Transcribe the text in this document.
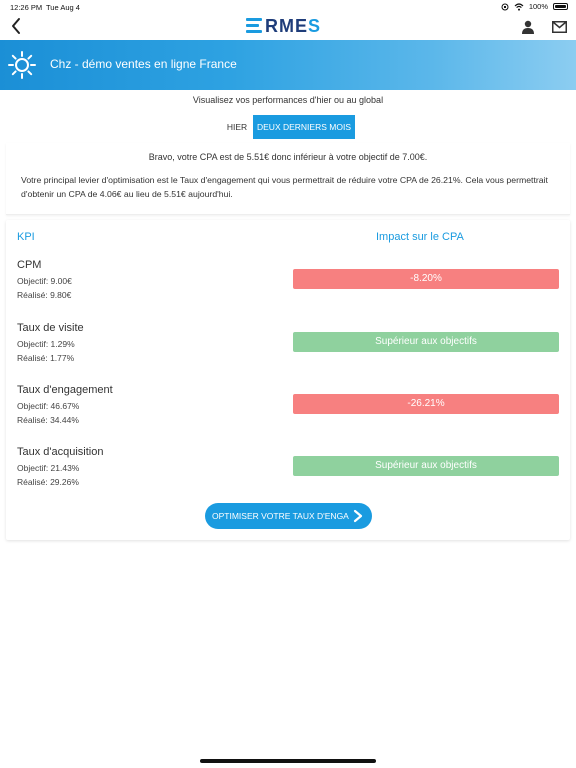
12:26 PM Tue Aug 4	100%
RMES
Chz - démo ventes en ligne France
Visualisez vos performances d'hier ou au global
HIER	DEUX DERNIERS MOIS
Bravo, votre CPA est de 5.51€ donc inférieur à votre objectif de 7.00€.
Votre principal levier d'optimisation est le Taux d'engagement qui vous permettrait de réduire votre CPA de 26.21%. Cela vous permettrait d'obtenir un CPA de 4.06€ au lieu de 5.51€ aujourd'hui.
KPI	Impact sur le CPA
CPM
Objectif: 9.00€
Réalisé: 9.80€
-8.20%
Taux de visite
Objectif: 1.29%
Réalisé: 1.77%
Supérieur aux objectifs
Taux d'engagement
Objectif: 46.67%
Réalisé: 34.44%
-26.21%
Taux d'acquisition
Objectif: 21.43%
Réalisé: 29.26%
Supérieur aux objectifs
OPTIMISER VOTRE TAUX D'ENGA
